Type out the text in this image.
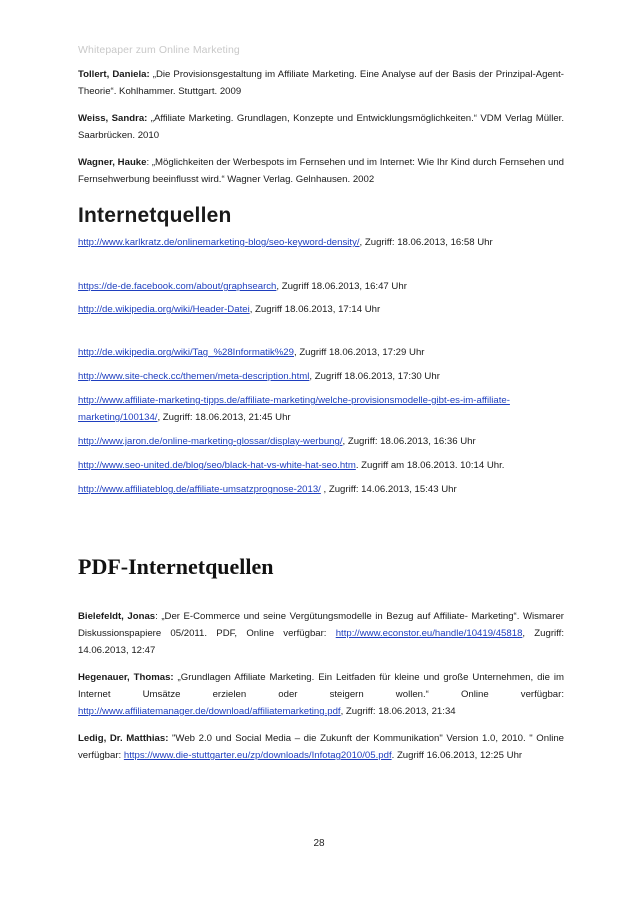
Whitepaper zum Online Marketing

Tollert, Daniela: „Die Provisionsgestaltung im Affiliate Marketing. Eine Analyse auf der Basis der Prinzipal-Agent-Theorie“. Kohlhammer. Stuttgart. 2009

Weiss, Sandra: „Affiliate Marketing. Grundlagen, Konzepte und Entwicklungsmöglichkeiten.“ VDM Verlag Müller. Saarbrücken. 2010

Wagner, Hauke: „Möglichkeiten der Werbespots im Fernsehen und im Internet: Wie Ihr Kind durch Fernsehen und Fernsehwerbung beeinflusst wird.“ Wagner Verlag. Gelnhausen. 2002

Internetquellen
http://www.karlkratz.de/onlinemarketing-blog/seo-keyword-density/, Zugriff: 18.06.2013, 16:58 Uhr
https://de-de.facebook.com/about/graphsearch, Zugriff 18.06.2013, 16:47 Uhr
http://de.wikipedia.org/wiki/Header-Datei, Zugriff 18.06.2013, 17:14 Uhr
http://de.wikipedia.org/wiki/Tag_%28Informatik%29, Zugriff 18.06.2013, 17:29 Uhr
http://www.site-check.cc/themen/meta-description.html, Zugriff 18.06.2013, 17:30 Uhr
http://www.affiliate-marketing-tipps.de/affiliate-marketing/welche-provisionsmodelle-gibt-es-im-affiliate-marketing/100134/, Zugriff: 18.06.2013, 21:45 Uhr
http://www.jaron.de/online-marketing-glossar/display-werbung/, Zugriff: 18.06.2013, 16:36 Uhr
http://www.seo-united.de/blog/seo/black-hat-vs-white-hat-seo.htm. Zugriff am 18.06.2013. 10:14 Uhr.
http://www.affiliateblog.de/affiliate-umsatzprognose-2013/ , Zugriff: 14.06.2013, 15:43 Uhr
PDF-Internetquellen

Bielefeldt, Jonas: „Der E-Commerce und seine Vergütungsmodelle in Bezug auf Affiliate- Marketing“. Wismarer Diskussionspapiere 05/2011. PDF, Online verfügbar: http://www.econstor.eu/handle/10419/45818, Zugriff: 14.06.2013, 12:47

Hegenauer, Thomas: „Grundlagen Affiliate Marketing. Ein Leitfaden für kleine und große Unternehmen, die im Internet Umsätze erzielen oder steigern wollen.“ Online verfügbar: http://www.affiliatemanager.de/download/affiliatemarketing.pdf, Zugriff: 18.06.2013, 21:34

Ledig, Dr. Matthias: "Web 2.0 und Social Media – die Zukunft der Kommunikation" Version 1.0, 2010. " Online verfügbar: https://www.die-stuttgarter.eu/zp/downloads/Infotag2010/05.pdf. Zugriff 16.06.2013, 12:25 Uhr

28
